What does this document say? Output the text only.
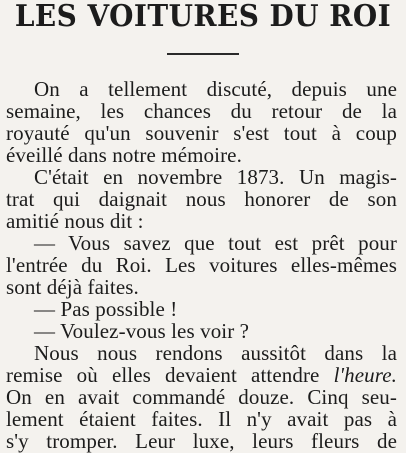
LES VOITURES DU ROI
On a tellement discuté, depuis une
semaine, les chances du retour de la
royauté qu'un souvenir s'est tout à coup
éveillé dans notre mémoire.
C'était en novembre 1873. Un magis-
trat qui daignait nous honorer de son
amitié nous dit :
— Vous savez que tout est prêt pour
l'entrée du Roi. Les voitures elles-mêmes
sont déjà faites.
— Pas possible !
— Voulez-vous les voir ?
Nous nous rendons aussitôt dans la
remise où elles devaient attendre l'heure.
On en avait commandé douze. Cinq seu-
lement étaient faites. Il n'y avait pas à
s'y tromper. Leur luxe, leurs fleurs de
